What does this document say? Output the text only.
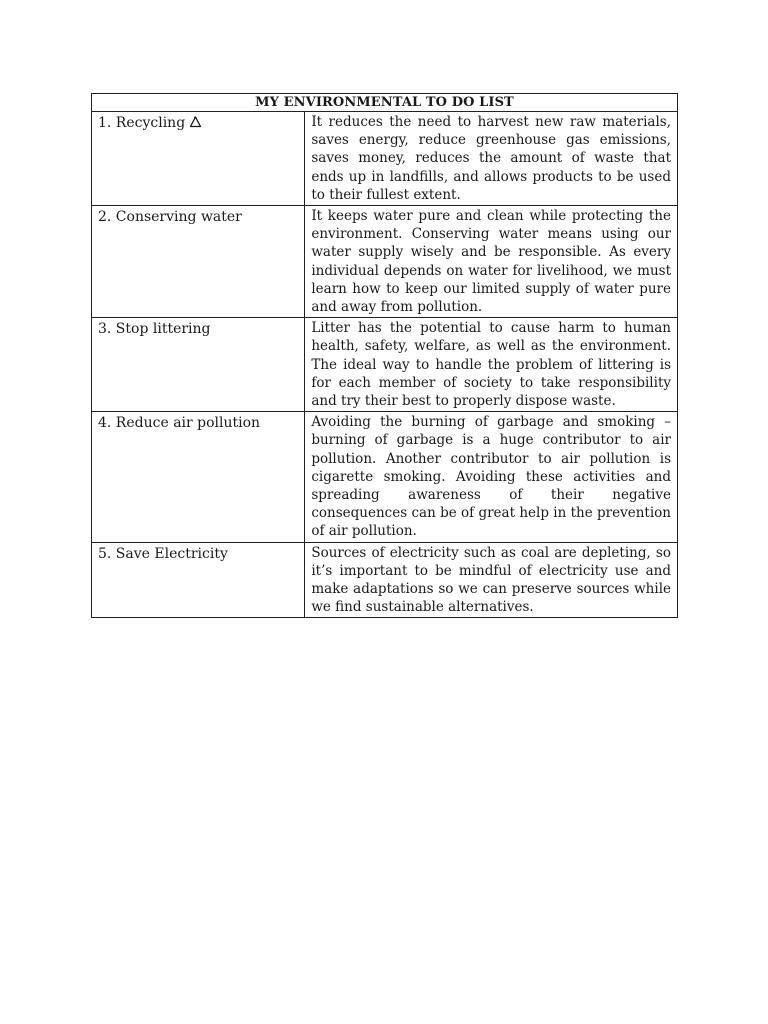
MY ENVIRONMENTAL TO DO LIST	
1. Recycling	It reduces the need to harvest new raw materials, saves energy, reduce greenhouse gas emissions, saves money, reduces the amount of waste that ends up in landfills, and allows products to be used to their fullest extent.
2. Conserving water	It keeps water pure and clean while protecting the environment. Conserving water means using our water supply wisely and be responsible. As every individual depends on water for livelihood, we must learn how to keep our limited supply of water pure and away from pollution.
3. Stop littering	Litter has the potential to cause harm to human health, safety, welfare, as well as the environment. The ideal way to handle the problem of littering is for each member of society to take responsibility and try their best to properly dispose waste.
4. Reduce air pollution	Avoiding the burning of garbage and smoking – burning of garbage is a huge contributor to air pollution. Another contributor to air pollution is cigarette smoking. Avoiding these activities and spreading awareness of their negative consequences can be of great help in the prevention of air pollution.
5. Save Electricity	Sources of electricity such as coal are depleting, so it’s important to be mindful of electricity use and make adaptations so we can preserve sources while we find sustainable alternatives.
